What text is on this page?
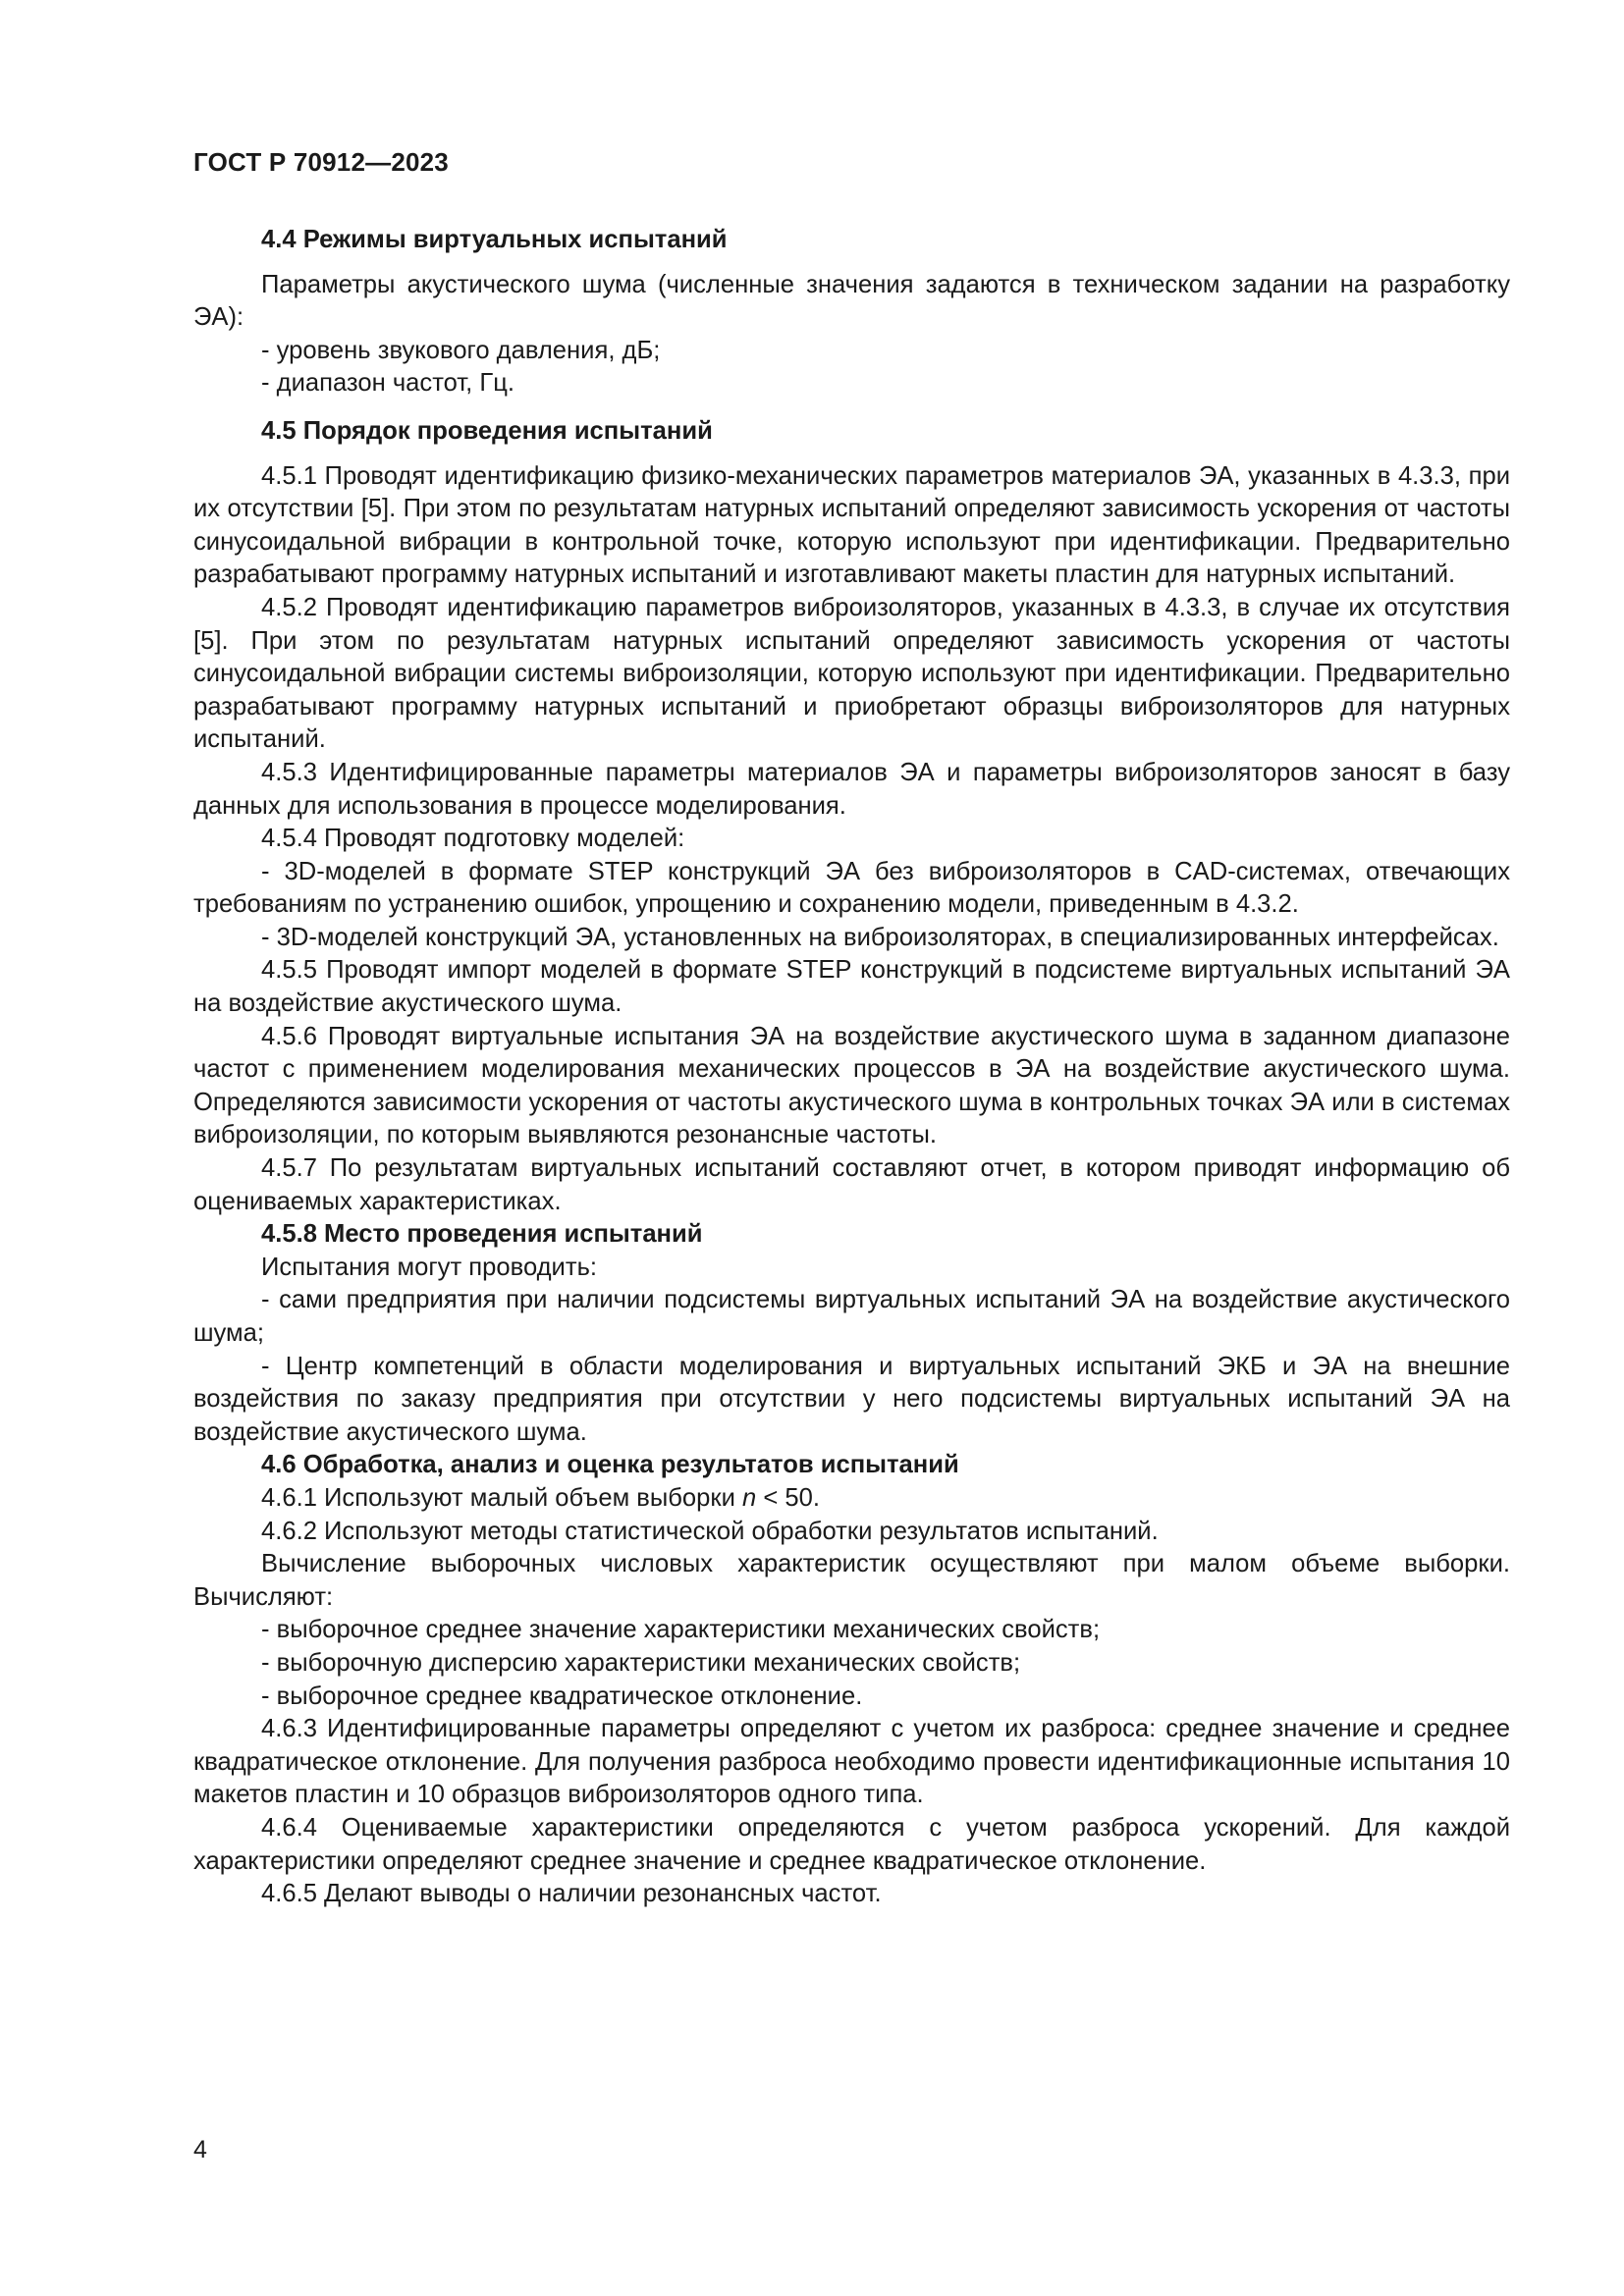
ГОСТ Р 70912—2023

4.4 Режимы виртуальных испытаний

Параметры акустического шума (численные значения задаются в техническом задании на разработку ЭА):

- уровень звукового давления, дБ;

- диапазон частот, Гц.

4.5 Порядок проведения испытаний

4.5.1 Проводят идентификацию физико-механических параметров материалов ЭА, указанных в 4.3.3, при их отсутствии [5]. При этом по результатам натурных испытаний определяют зависимость ускорения от частоты синусоидальной вибрации в контрольной точке, которую используют при идентификации. Предварительно разрабатывают программу натурных испытаний и изготавливают макеты пластин для натурных испытаний.

4.5.2 Проводят идентификацию параметров виброизоляторов, указанных в 4.3.3, в случае их отсутствия [5]. При этом по результатам натурных испытаний определяют зависимость ускорения от частоты синусоидальной вибрации системы виброизоляции, которую используют при идентификации. Предварительно разрабатывают программу натурных испытаний и приобретают образцы виброизоляторов для натурных испытаний.

4.5.3 Идентифицированные параметры материалов ЭА и параметры виброизоляторов заносят в базу данных для использования в процессе моделирования.

4.5.4 Проводят подготовку моделей:

- 3D-моделей в формате STEP конструкций ЭА без виброизоляторов в CAD-системах, отвечающих требованиям по устранению ошибок, упрощению и сохранению модели, приведенным в 4.3.2.

- 3D-моделей конструкций ЭА, установленных на виброизоляторах, в специализированных интерфейсах.

4.5.5 Проводят импорт моделей в формате STEP конструкций в подсистеме виртуальных испытаний ЭА на воздействие акустического шума.

4.5.6 Проводят виртуальные испытания ЭА на воздействие акустического шума в заданном диапазоне частот с применением моделирования механических процессов в ЭА на воздействие акустического шума. Определяются зависимости ускорения от частоты акустического шума в контрольных точках ЭА или в системах виброизоляции, по которым выявляются резонансные частоты.

4.5.7 По результатам виртуальных испытаний составляют отчет, в котором приводят информацию об оцениваемых характеристиках.

4.5.8 Место проведения испытаний

Испытания могут проводить:

- сами предприятия при наличии подсистемы виртуальных испытаний ЭА на воздействие акустического шума;

- Центр компетенций в области моделирования и виртуальных испытаний ЭКБ и ЭА на внешние воздействия по заказу предприятия при отсутствии у него подсистемы виртуальных испытаний ЭА на воздействие акустического шума.

4.6 Обработка, анализ и оценка результатов испытаний

4.6.1 Используют малый объем выборки n < 50.

4.6.2 Используют методы статистической обработки результатов испытаний.

Вычисление выборочных числовых характеристик осуществляют при малом объеме выборки. Вычисляют:

- выборочное среднее значение характеристики механических свойств;

- выборочную дисперсию характеристики механических свойств;

- выборочное среднее квадратическое отклонение.

4.6.3 Идентифицированные параметры определяют с учетом их разброса: среднее значение и среднее квадратическое отклонение. Для получения разброса необходимо провести идентификационные испытания 10 макетов пластин и 10 образцов виброизоляторов одного типа.

4.6.4 Оцениваемые характеристики определяются с учетом разброса ускорений. Для каждой характеристики определяют среднее значение и среднее квадратическое отклонение.

4.6.5 Делают выводы о наличии резонансных частот.

4
